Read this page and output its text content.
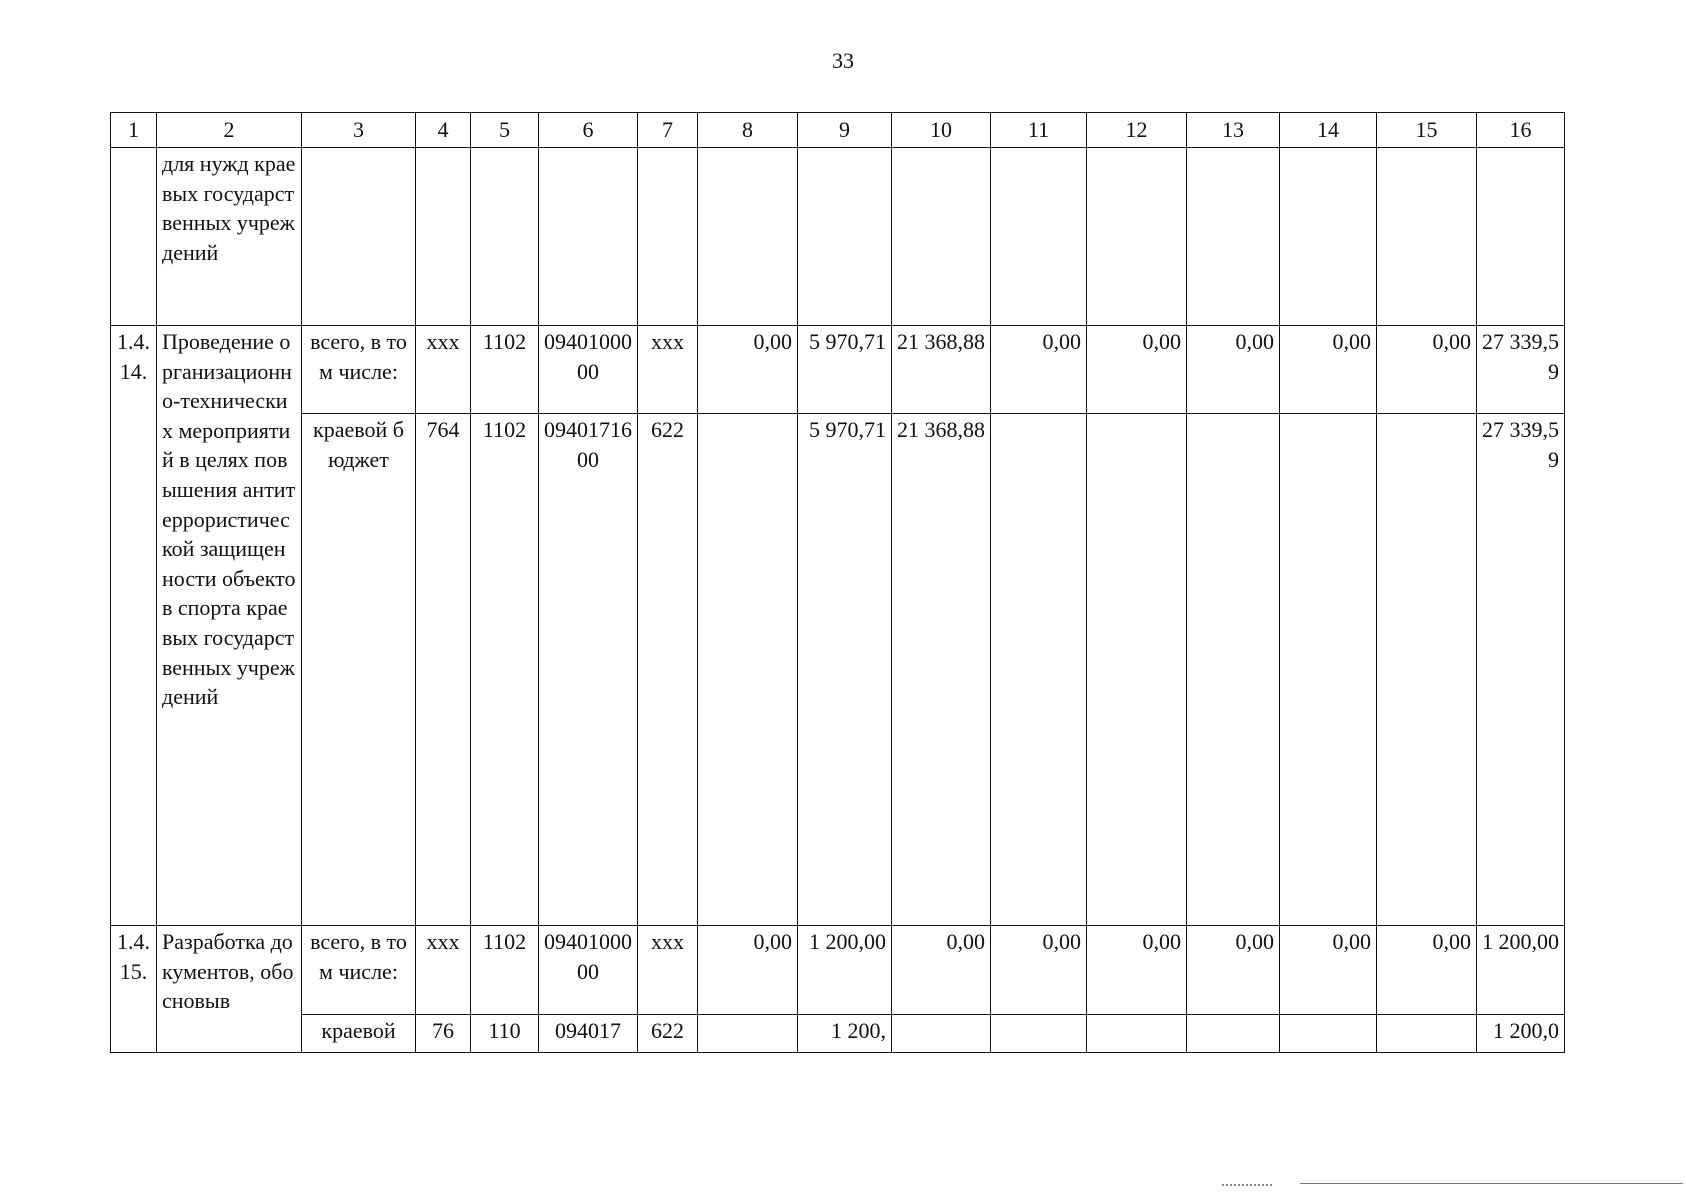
33
1	2	3	4	5	6	7	8	9	10	11	12	13	14	15	16
	для нужд краевых государственных учреждений														
1.4.14.	Проведение организационно-технических мероприятий в целях повышения антитеррористической защищенности объектов спорта краевых государственных учреждений	всего, в том числе:	ххх	1102	0940100000	ххх	0,00	5 970,71	21 368,88	0,00	0,00	0,00	0,00	0,00	27 339,59
		краевой бюджет	764	1102	0940171600	622		5 970,71	21 368,88						27 339,59
1.4.15.	Разработка документов, обосновыв	всего, в том числе:	ххх	1102	0940100000	ххх	0,00	1 200,00	0,00	0,00	0,00	0,00	0,00	0,00	1 200,00
		краевой	76	110	094017	622		1 200,							1 200,0
